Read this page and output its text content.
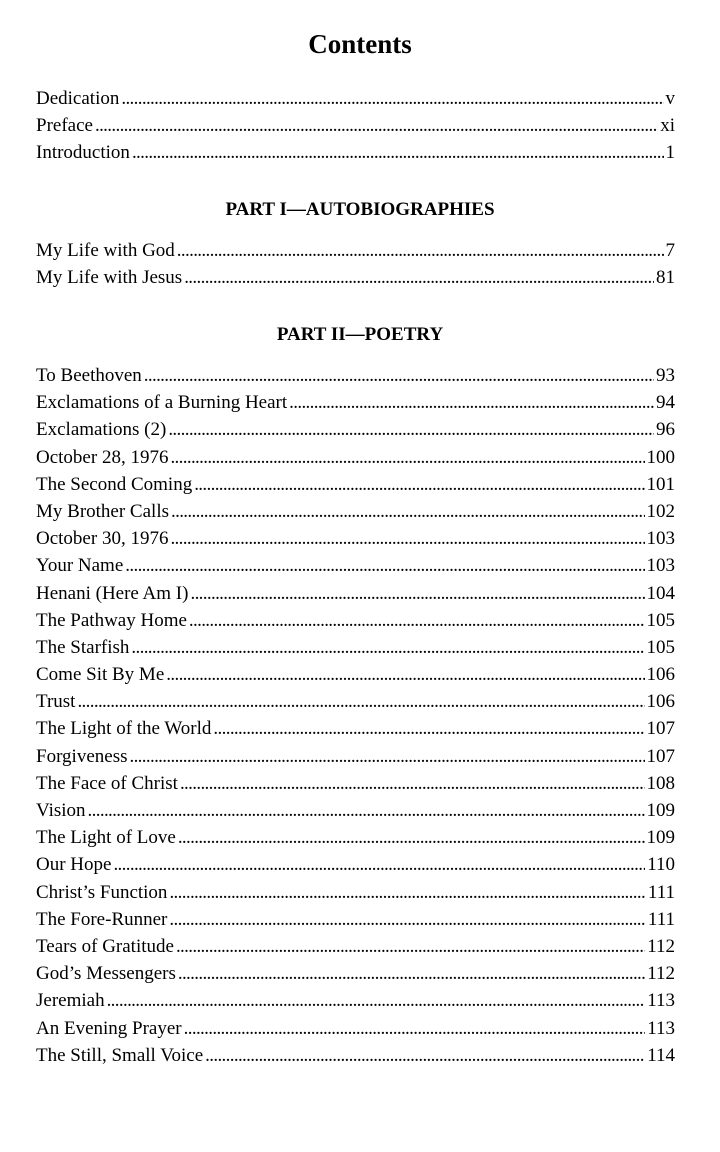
Contents
Dedication . . .	v
Preface . . .	xi
Introduction . . .	1
PART I—AUTOBIOGRAPHIES
My Life with God . . .	7
My Life with Jesus . . .	81
PART II—POETRY
To Beethoven . . .	93
Exclamations of a Burning Heart . . .	94
Exclamations (2) . . .	96
October 28, 1976 . . .	100
The Second Coming . . .	101
My Brother Calls . . .	102
October 30, 1976 . . .	103
Your Name . . .	103
Henani (Here Am I) . . .	104
The Pathway Home . . .	105
The Starfish . . .	105
Come Sit By Me . . .	106
Trust . . .	106
The Light of the World . . .	107
Forgiveness . . .	107
The Face of Christ . . .	108
Vision . . .	109
The Light of Love . . .	109
Our Hope . . .	110
Christ’s Function . . .	111
The Fore-Runner . . .	111
Tears of Gratitude . . .	112
God’s Messengers . . .	112
Jeremiah . . .	113
An Evening Prayer . . .	113
The Still, Small Voice . . .	114
